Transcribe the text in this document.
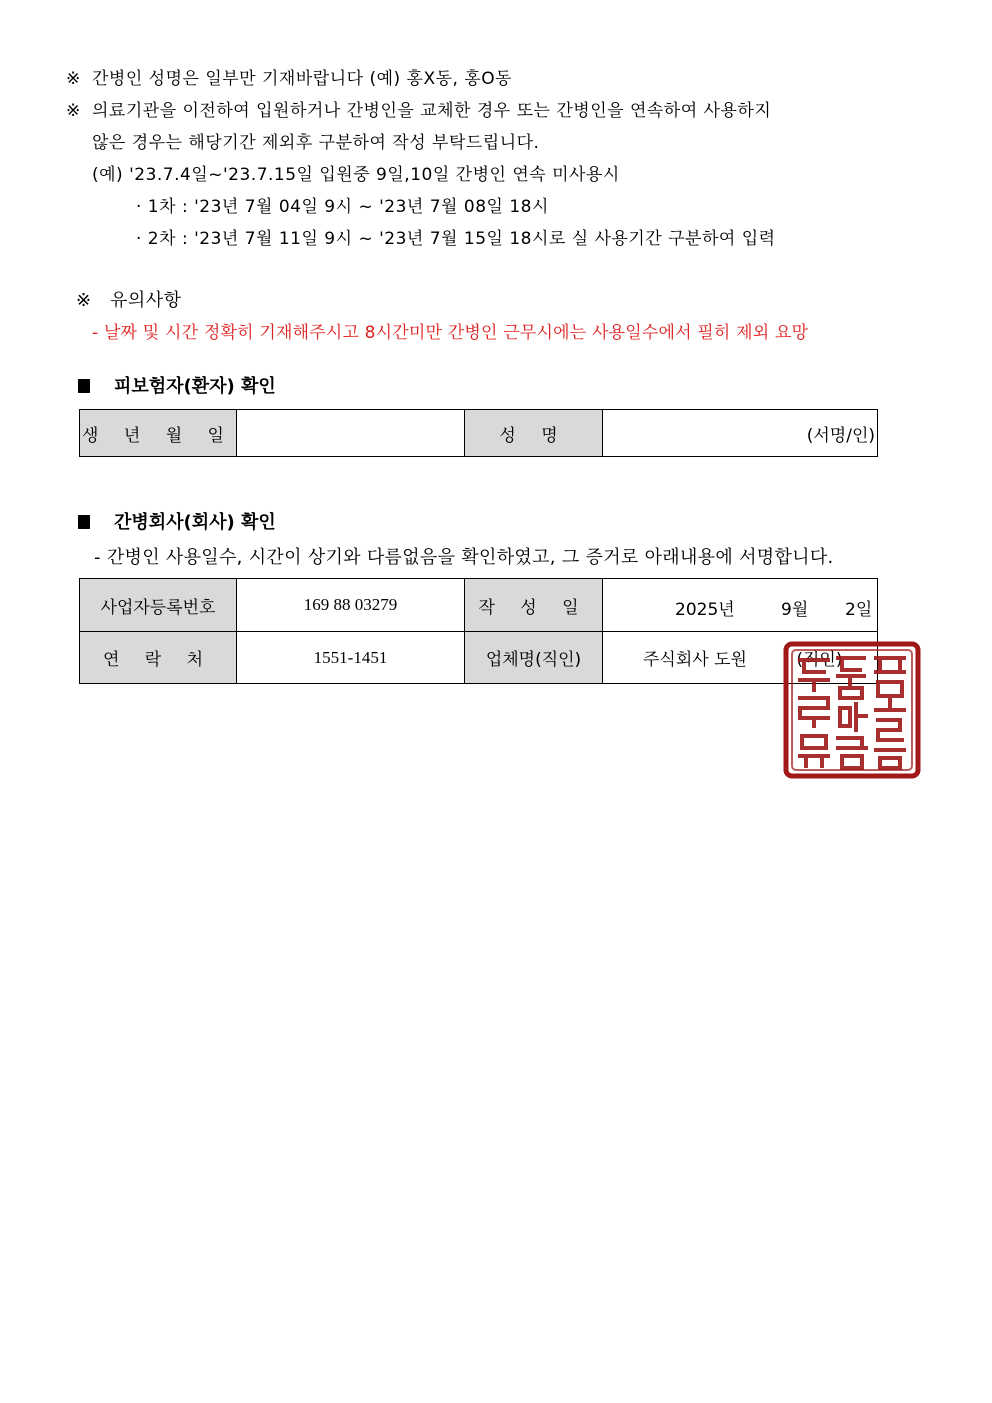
※ 간병인 성명은 일부만 기재바랍니다 (예) 홍X동, 홍O동
※ 의료기관을 이전하여 입원하거나 간병인을 교체한 경우 또는 간병인을 연속하여 사용하지
않은 경우는 해당기간 제외후 구분하여 작성 부탁드립니다.
(예) '23.7.4일~'23.7.15일 입원중 9일,10일 간병인 연속 미사용시
· 1차 : '23년 7월 04일 9시 ~ '23년 7월 08일 18시
· 2차 : '23년 7월 11일 9시 ~ '23년 7월 15일 18시로 실 사용기간 구분하여 입력
※ 유의사항
- 날짜 및 시간 정확히 기재해주시고 8시간미만 간병인 근무시에는 사용일수에서 필히 제외 요망
피보험자(환자) 확인
생 년 월 일		성 명	(서명/인)
간병회사(회사) 확인
- 간병인 사용일수, 시간이 상기와 다름없음을 확인하였고, 그 증거로 아래내용에 서명합니다.
사업자등록번호	169 88 03279	작 성 일	2025년 9월 2일

연 락 처	1551-1451	업체명(직인)	주식회사 도원 (직인)
